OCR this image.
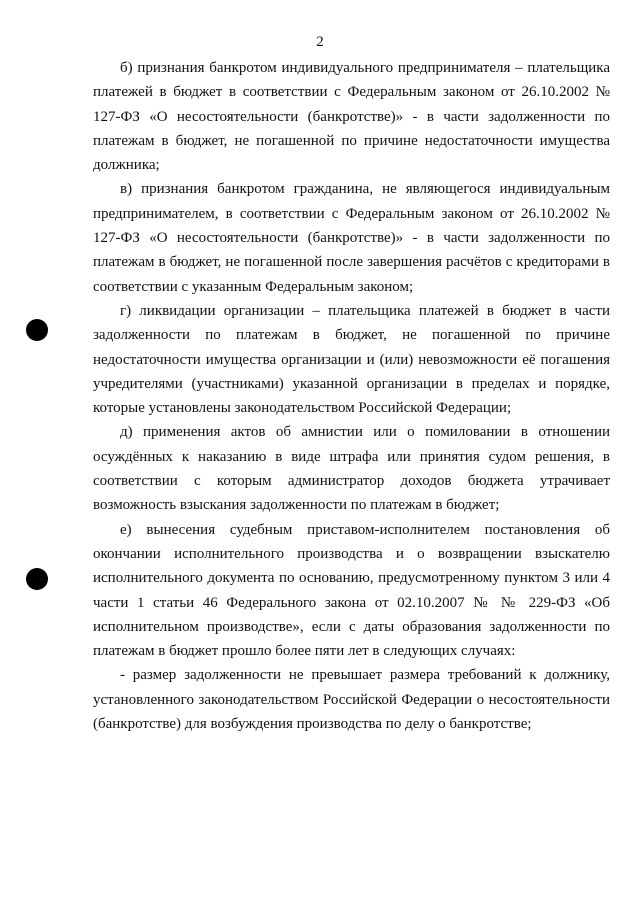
2

б) признания банкротом индивидуального предпринимателя – плательщика платежей в бюджет в соответствии с Федеральным законом от 26.10.2002 № 127-ФЗ «О несостоятельности (банкротстве)» - в части задолженности по платежам в бюджет, не погашенной по причине недостаточности имущества должника;

в) признания банкротом гражданина, не являющегося индивидуальным предпринимателем, в соответствии с Федеральным законом от 26.10.2002 № 127-ФЗ «О несостоятельности (банкротстве)» - в части задолженности по платежам в бюджет, не погашенной после завершения расчётов с кредиторами в соответствии с указанным Федеральным законом;

г) ликвидации организации – плательщика платежей в бюджет в части задолженности по платежам в бюджет, не погашенной по причине недостаточности имущества организации и (или) невозможности её погашения учредителями (участниками) указанной организации в пределах и порядке, которые установлены законодательством Российской Федерации;

д) применения актов об амнистии или о помиловании в отношении осуждённых к наказанию в виде штрафа или принятия судом решения, в соответствии с которым администратор доходов бюджета утрачивает возможность взыскания задолженности по платежам в бюджет;

е) вынесения судебным приставом-исполнителем постановления об окончании исполнительного производства и о возвращении взыскателю исполнительного документа по основанию, предусмотренному пунктом 3 или 4 части 1 статьи 46 Федерального закона от 02.10.2007 № № 229-ФЗ «Об исполнительном производстве», если с даты образования задолженности по платежам в бюджет прошло более пяти лет в следующих случаях:

- размер задолженности не превышает размера требований к должнику, установленного законодательством Российской Федерации о несостоятельности (банкротстве) для возбуждения производства по делу о банкротстве;
